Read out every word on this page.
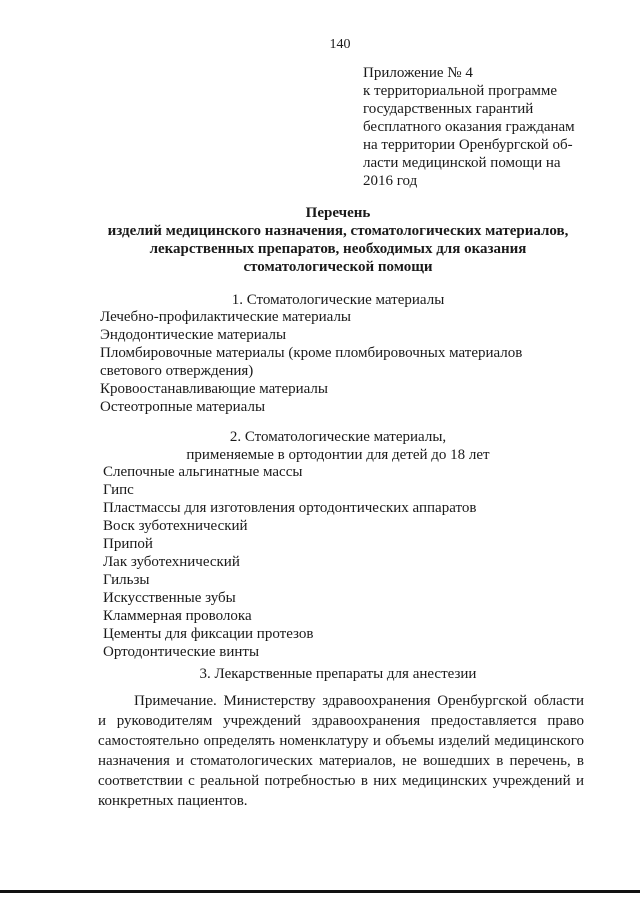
140
Приложение № 4
к территориальной программе
государственных гарантий
бесплатного оказания гражданам
на территории Оренбургской об-
ласти медицинской помощи на
2016 год
Перечень
изделий медицинского назначения, стоматологических материалов,
лекарственных препаратов, необходимых для оказания
стоматологической помощи
1. Стоматологические материалы
Лечебно-профилактические материалы
Эндодонтические материалы
Пломбировочные материалы (кроме пломбировочных материалов
светового отверждения)
Кровоостанавливающие материалы
Остеотропные материалы
2. Стоматологические материалы,
применяемые в ортодонтии для детей до 18 лет
Слепочные альгинатные массы
Гипс
Пластмассы для изготовления ортодонтических аппаратов
Воск зуботехнический
Припой
Лак зуботехнический
Гильзы
Искусственные зубы
Кламмерная проволока
Цементы для фиксации протезов
Ортодонтические винты
3. Лекарственные препараты для анестезии

Примечание. Министерству здравоохранения Оренбургской области и руководителям учреждений здравоохранения предоставляется право самостоятельно определять номенклатуру и объемы изделий медицинского назначения и стоматологических материалов, не вошедших в перечень, в соответствии с реальной потребностью в них медицинских учреждений и конкретных пациентов.
